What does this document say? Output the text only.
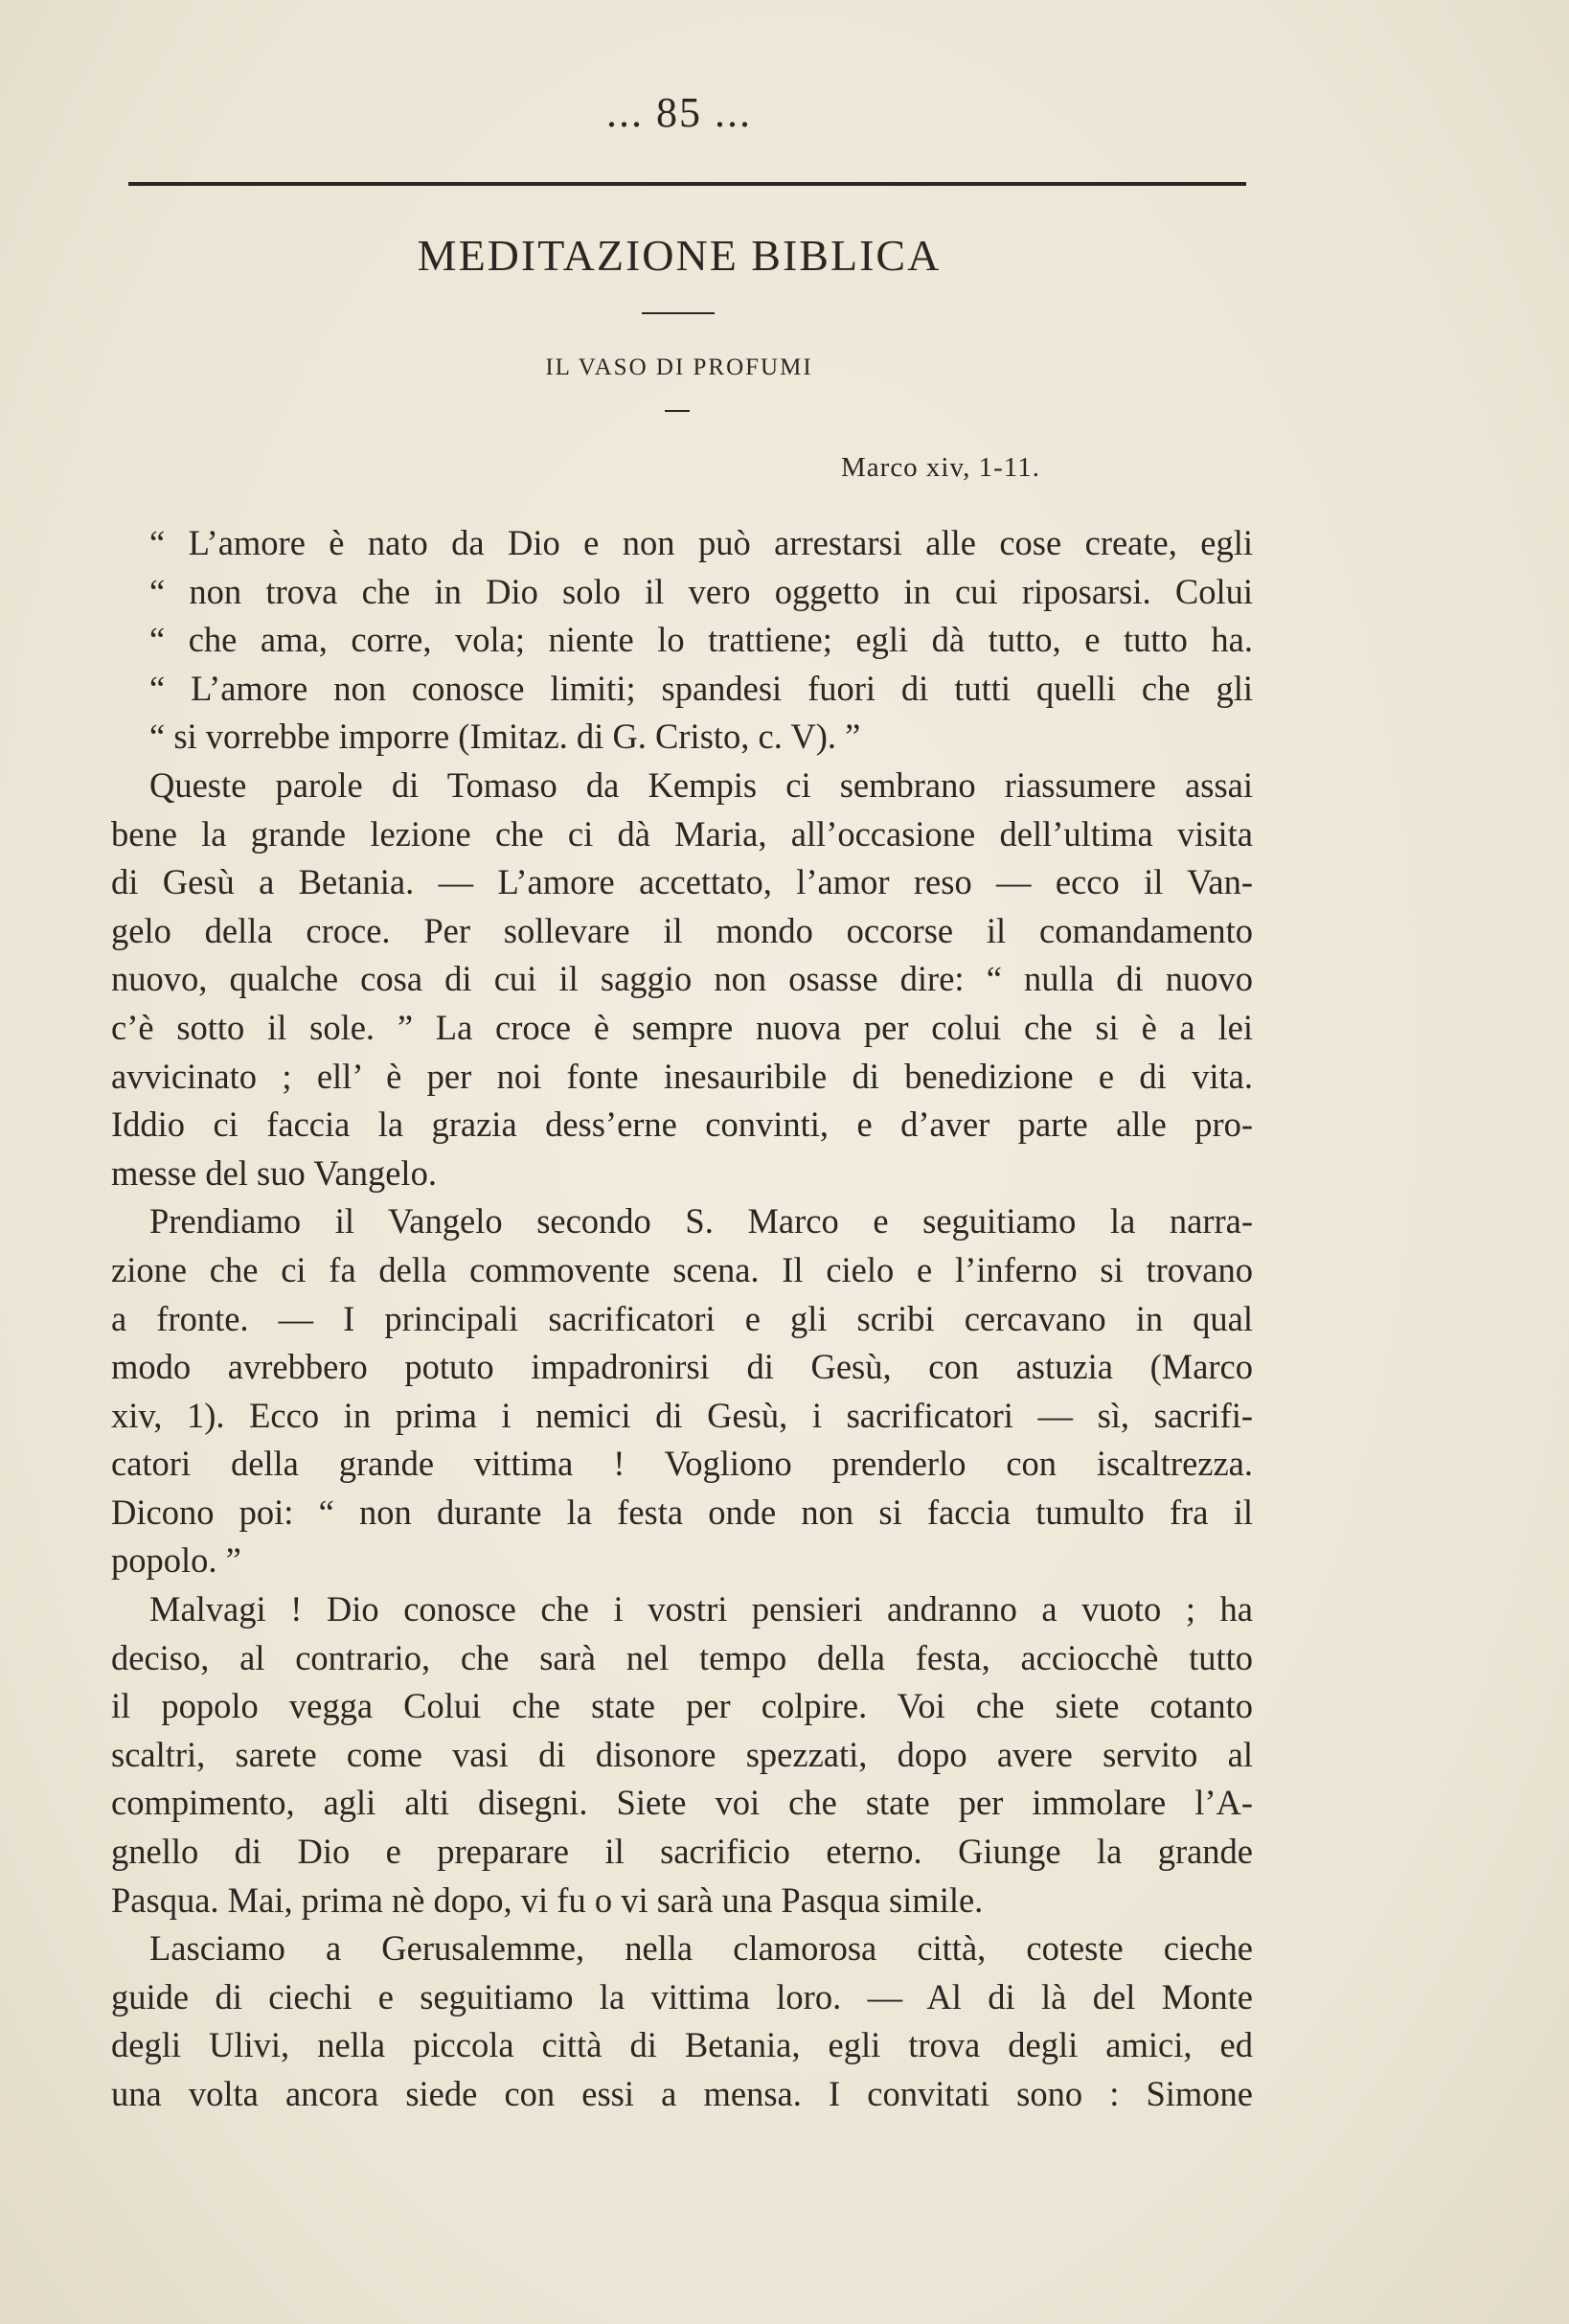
... 85 ...
MEDITAZIONE BIBLICA
IL VASO DI PROFUMI
Marco xiv, 1-11.
“ L’amore è nato da Dio e non può arrestarsi alle cose create, egli
“ non trova che in Dio solo il vero oggetto in cui riposarsi. Colui
“ che ama, corre, vola; niente lo trattiene; egli dà tutto, e tutto ha.
“ L’amore non conosce limiti; spandesi fuori di tutti quelli che gli
“ si vorrebbe imporre (Imitaz. di G. Cristo, c. V). ”
Queste parole di Tomaso da Kempis ci sembrano riassumere assai
bene la grande lezione che ci dà Maria, all’occasione dell’ultima visita
di Gesù a Betania. — L’amore accettato, l’amor reso — ecco il Van-
gelo della croce. Per sollevare il mondo occorse il comandamento
nuovo, qualche cosa di cui il saggio non osasse dire: “ nulla di nuovo
c’è sotto il sole. ” La croce è sempre nuova per colui che si è a lei
avvicinato ; ell’ è per noi fonte inesauribile di benedizione e di vita.
Iddio ci faccia la grazia dess’erne convinti, e d’aver parte alle pro-
messe del suo Vangelo.
Prendiamo il Vangelo secondo S. Marco e seguitiamo la narra-
zione che ci fa della commovente scena. Il cielo e l’inferno si trovano
a fronte. — I principali sacrificatori e gli scribi cercavano in qual
modo avrebbero potuto impadronirsi di Gesù, con astuzia (Marco
xiv, 1). Ecco in prima i nemici di Gesù, i sacrificatori — sì, sacrifi-
catori della grande vittima ! Vogliono prenderlo con iscaltrezza.
Dicono poi: “ non durante la festa onde non si faccia tumulto fra il
popolo. ”
Malvagi ! Dio conosce che i vostri pensieri andranno a vuoto ; ha
deciso, al contrario, che sarà nel tempo della festa, acciocchè tutto
il popolo vegga Colui che state per colpire. Voi che siete cotanto
scaltri, sarete come vasi di disonore spezzati, dopo avere servito al
compimento, agli alti disegni. Siete voi che state per immolare l’A-
gnello di Dio e preparare il sacrificio eterno. Giunge la grande
Pasqua. Mai, prima nè dopo, vi fu o vi sarà una Pasqua simile.
Lasciamo a Gerusalemme, nella clamorosa città, coteste cieche
guide di ciechi e seguitiamo la vittima loro. — Al di là del Monte
degli Ulivi, nella piccola città di Betania, egli trova degli amici, ed
una volta ancora siede con essi a mensa. I convitati sono : Simone
